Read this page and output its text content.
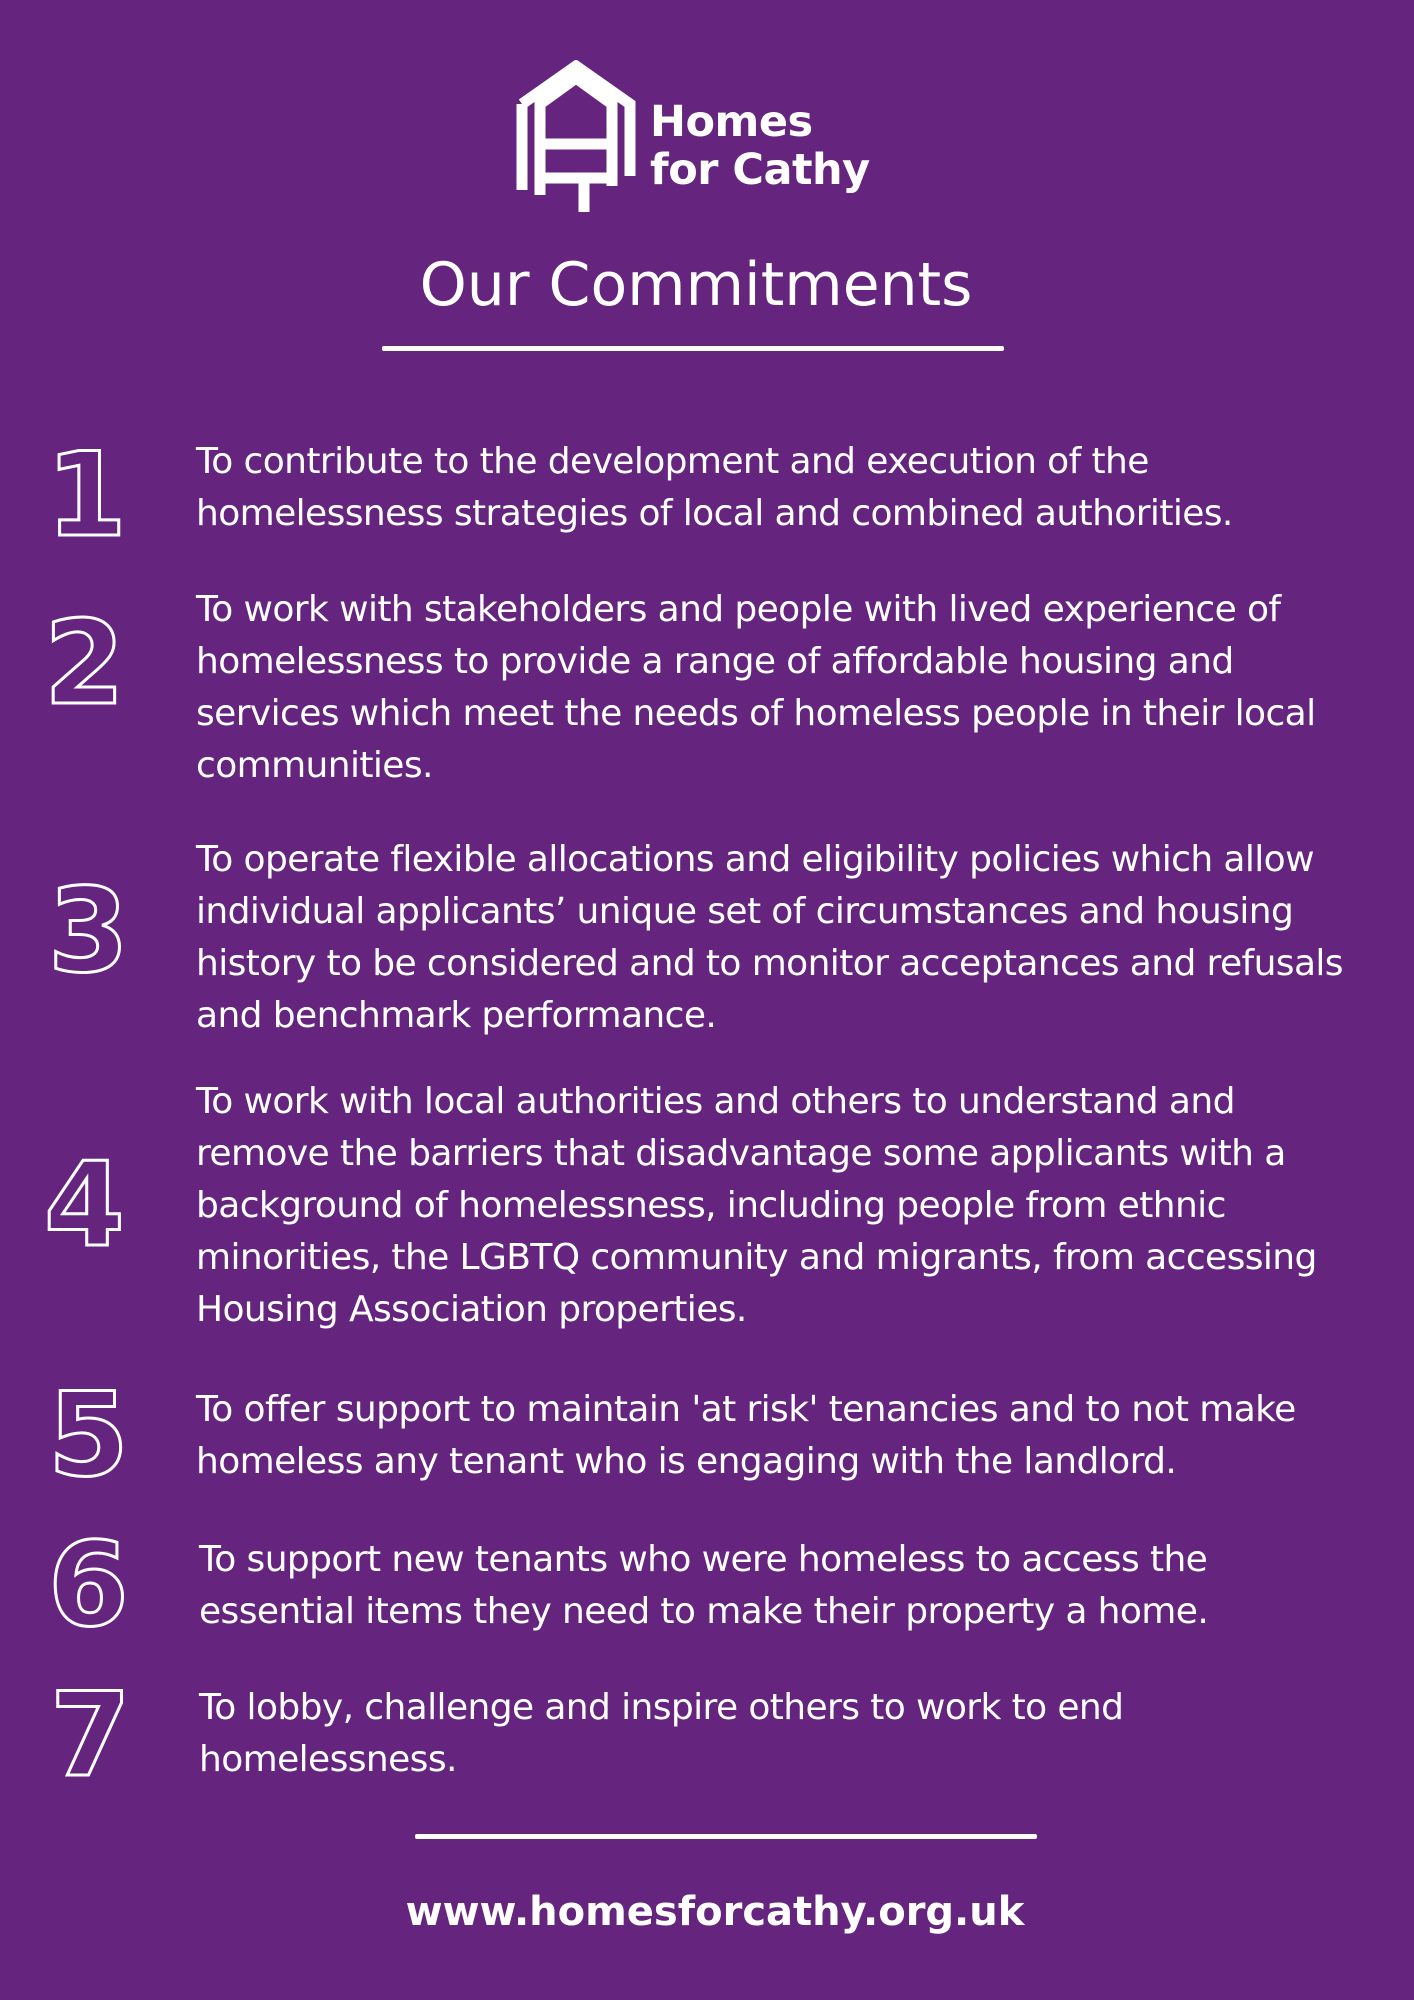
Homes
for Cathy
Our Commitments
1 To contribute to the development and execution of the homelessness strategies of local and combined authorities.
2 To work with stakeholders and people with lived experience of homelessness to provide a range of affordable housing and services which meet the needs of homeless people in their local communities.
3
To operate flexible allocations and eligibility policies which allow individual applicants’ unique set of circumstances and housing history to be considered and to monitor acceptances and refusals and benchmark performance.
4
To work with local authorities and others to understand and remove the barriers that disadvantage some applicants with a background of homelessness, including people from ethnic minorities, the LGBTQ community and migrants, from accessing Housing Association properties.
5 To offer support to maintain 'at risk' tenancies and to not make homeless any tenant who is engaging with the landlord.
6 To support new tenants who were homeless to access the essential items they need to make their property a home.
7 To lobby, challenge and inspire others to work to end homelessness.
www.homesforcathy.org.uk
